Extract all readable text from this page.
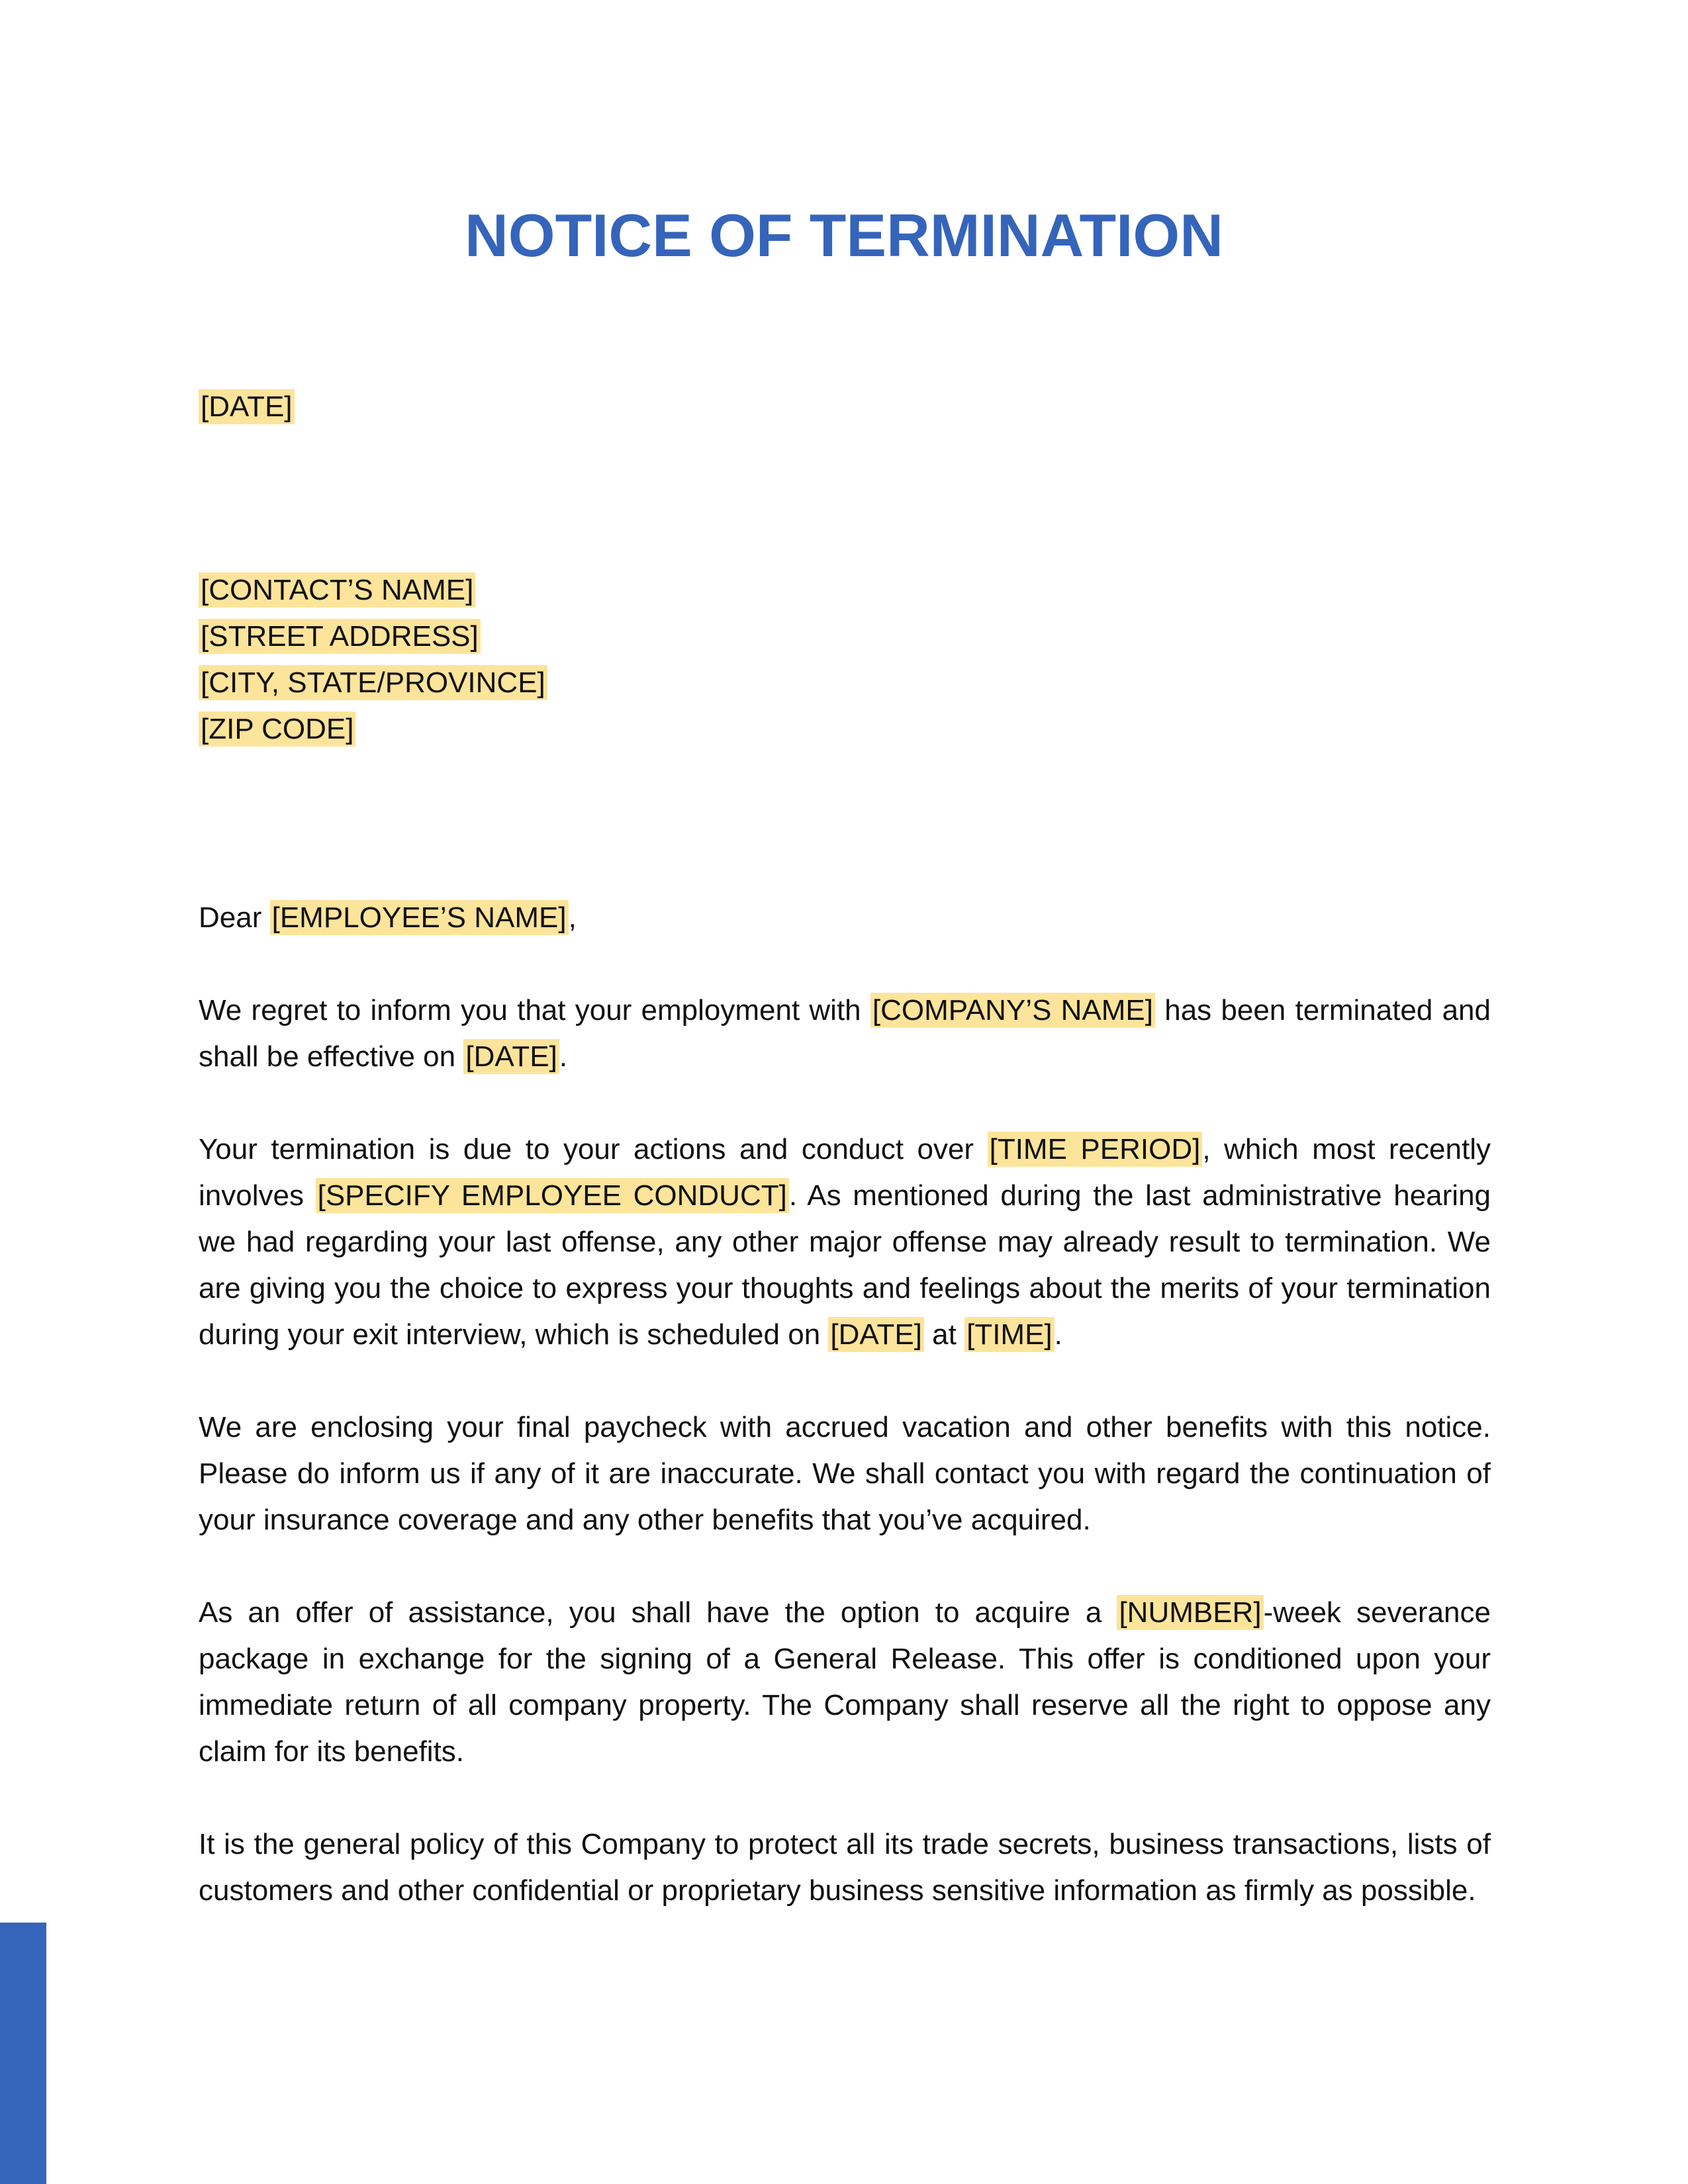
NOTICE OF TERMINATION
[DATE]
[CONTACT’S NAME]
[STREET ADDRESS]
[CITY, STATE/PROVINCE]
[ZIP CODE]
Dear [EMPLOYEE’S NAME],

We regret to inform you that your employment with [COMPANY’S NAME] has been terminated and shall be effective on [DATE].

Your termination is due to your actions and conduct over [TIME PERIOD], which most recently involves [SPECIFY EMPLOYEE CONDUCT]. As mentioned during the last administrative hearing we had regarding your last offense, any other major offense may already result to termination. We are giving you the choice to express your thoughts and feelings about the merits of your termination during your exit interview, which is scheduled on [DATE] at [TIME].

We are enclosing your final paycheck with accrued vacation and other benefits with this notice. Please do inform us if any of it are inaccurate. We shall contact you with regard the continuation of your insurance coverage and any other benefits that you’ve acquired.

As an offer of assistance, you shall have the option to acquire a [NUMBER]-week severance package in exchange for the signing of a General Release. This offer is conditioned upon your immediate return of all company property. The Company shall reserve all the right to oppose any claim for its benefits.

It is the general policy of this Company to protect all its trade secrets, business transactions, lists of customers and other confidential or proprietary business sensitive information as firmly as possible.
